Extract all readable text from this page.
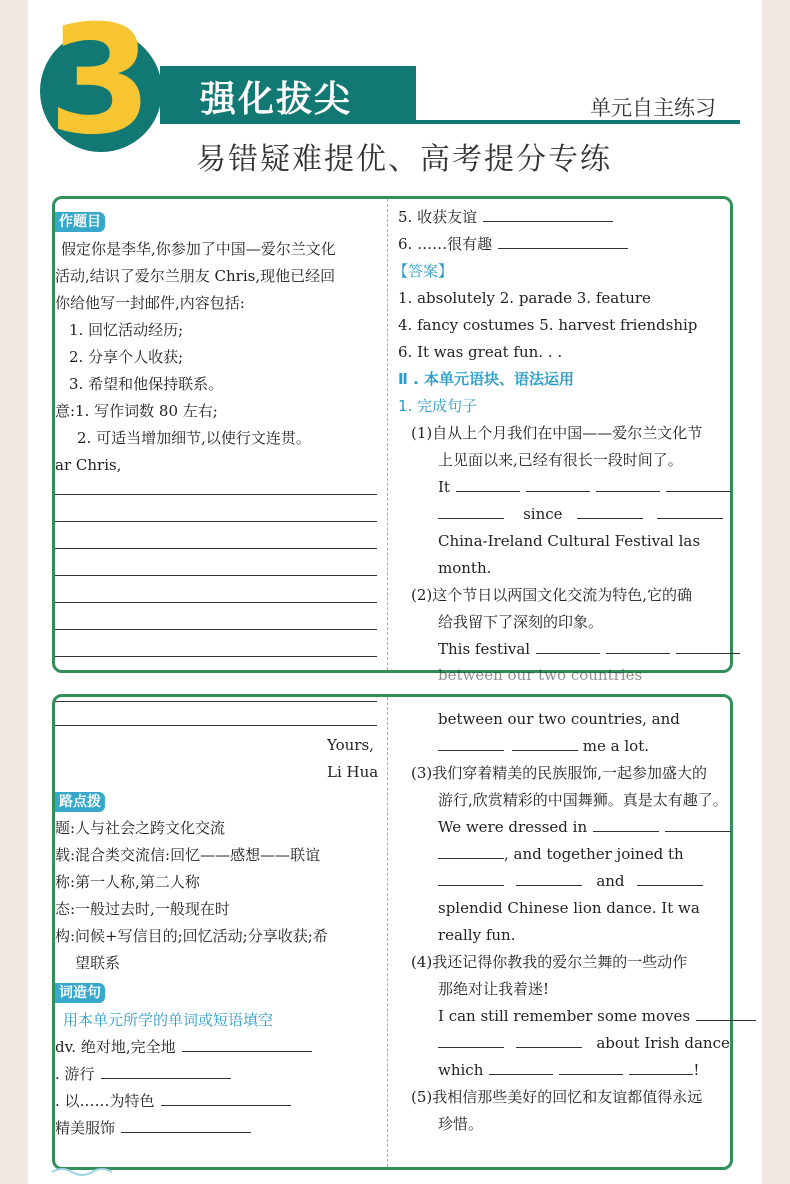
3 强化拔尖	单元自主练习
易错疑难提优、高考提分专练
作题目
假定你是李华,你参加了中国—爱尔兰文化
活动,结识了爱尔兰朋友 Chris,现他已经回
你给他写一封邮件,内容包括:
1. 回忆活动经历;
2. 分享个人收获;
3. 希望和他保持联系。
意:1. 写作词数 80 左右;
2. 可适当增加细节,以使行文连贯。
ar Chris,
5. 收获友谊
6. ……很有趣
【答案】
1. absolutely 2. parade 3. feature
4. fancy costumes 5. harvest friendship
6. It was great fun. . .
Ⅱ . 本单元语块、语法运用
1. 完成句子
(1)自从上个月我们在中国——爱尔兰文化节
上见面以来,已经有很长一段时间了。
It
since
China-Ireland Cultural Festival las
month.
(2)这个节日以两国文化交流为特色,它的确
给我留下了深刻的印象。
This festival
between our two countries
Yours,
Li Hua
路点拨
题:人与社会之跨文化交流
载:混合类交流信:回忆——感想——联谊
称:第一人称,第二人称
态:一般过去时,一般现在时
构:问候+写信目的;回忆活动;分享收获;希
望联系
词造句
用本单元所学的单词或短语填空
dv. 绝对地,完全地
. 游行
. 以……为特色
精美服饰
between our two countries, and
me a lot.
(3)我们穿着精美的民族服饰,一起参加盛大的
游行,欣赏精彩的中国舞狮。真是太有趣了。
We were dressed in
, and together joined th
and
splendid Chinese lion dance. It wa
really fun.
(4)我还记得你教我的爱尔兰舞的一些动作
那绝对让我着迷!
I can still remember some moves
about Irish dance
which	!
(5)我相信那些美好的回忆和友谊都值得永远
珍惜。
